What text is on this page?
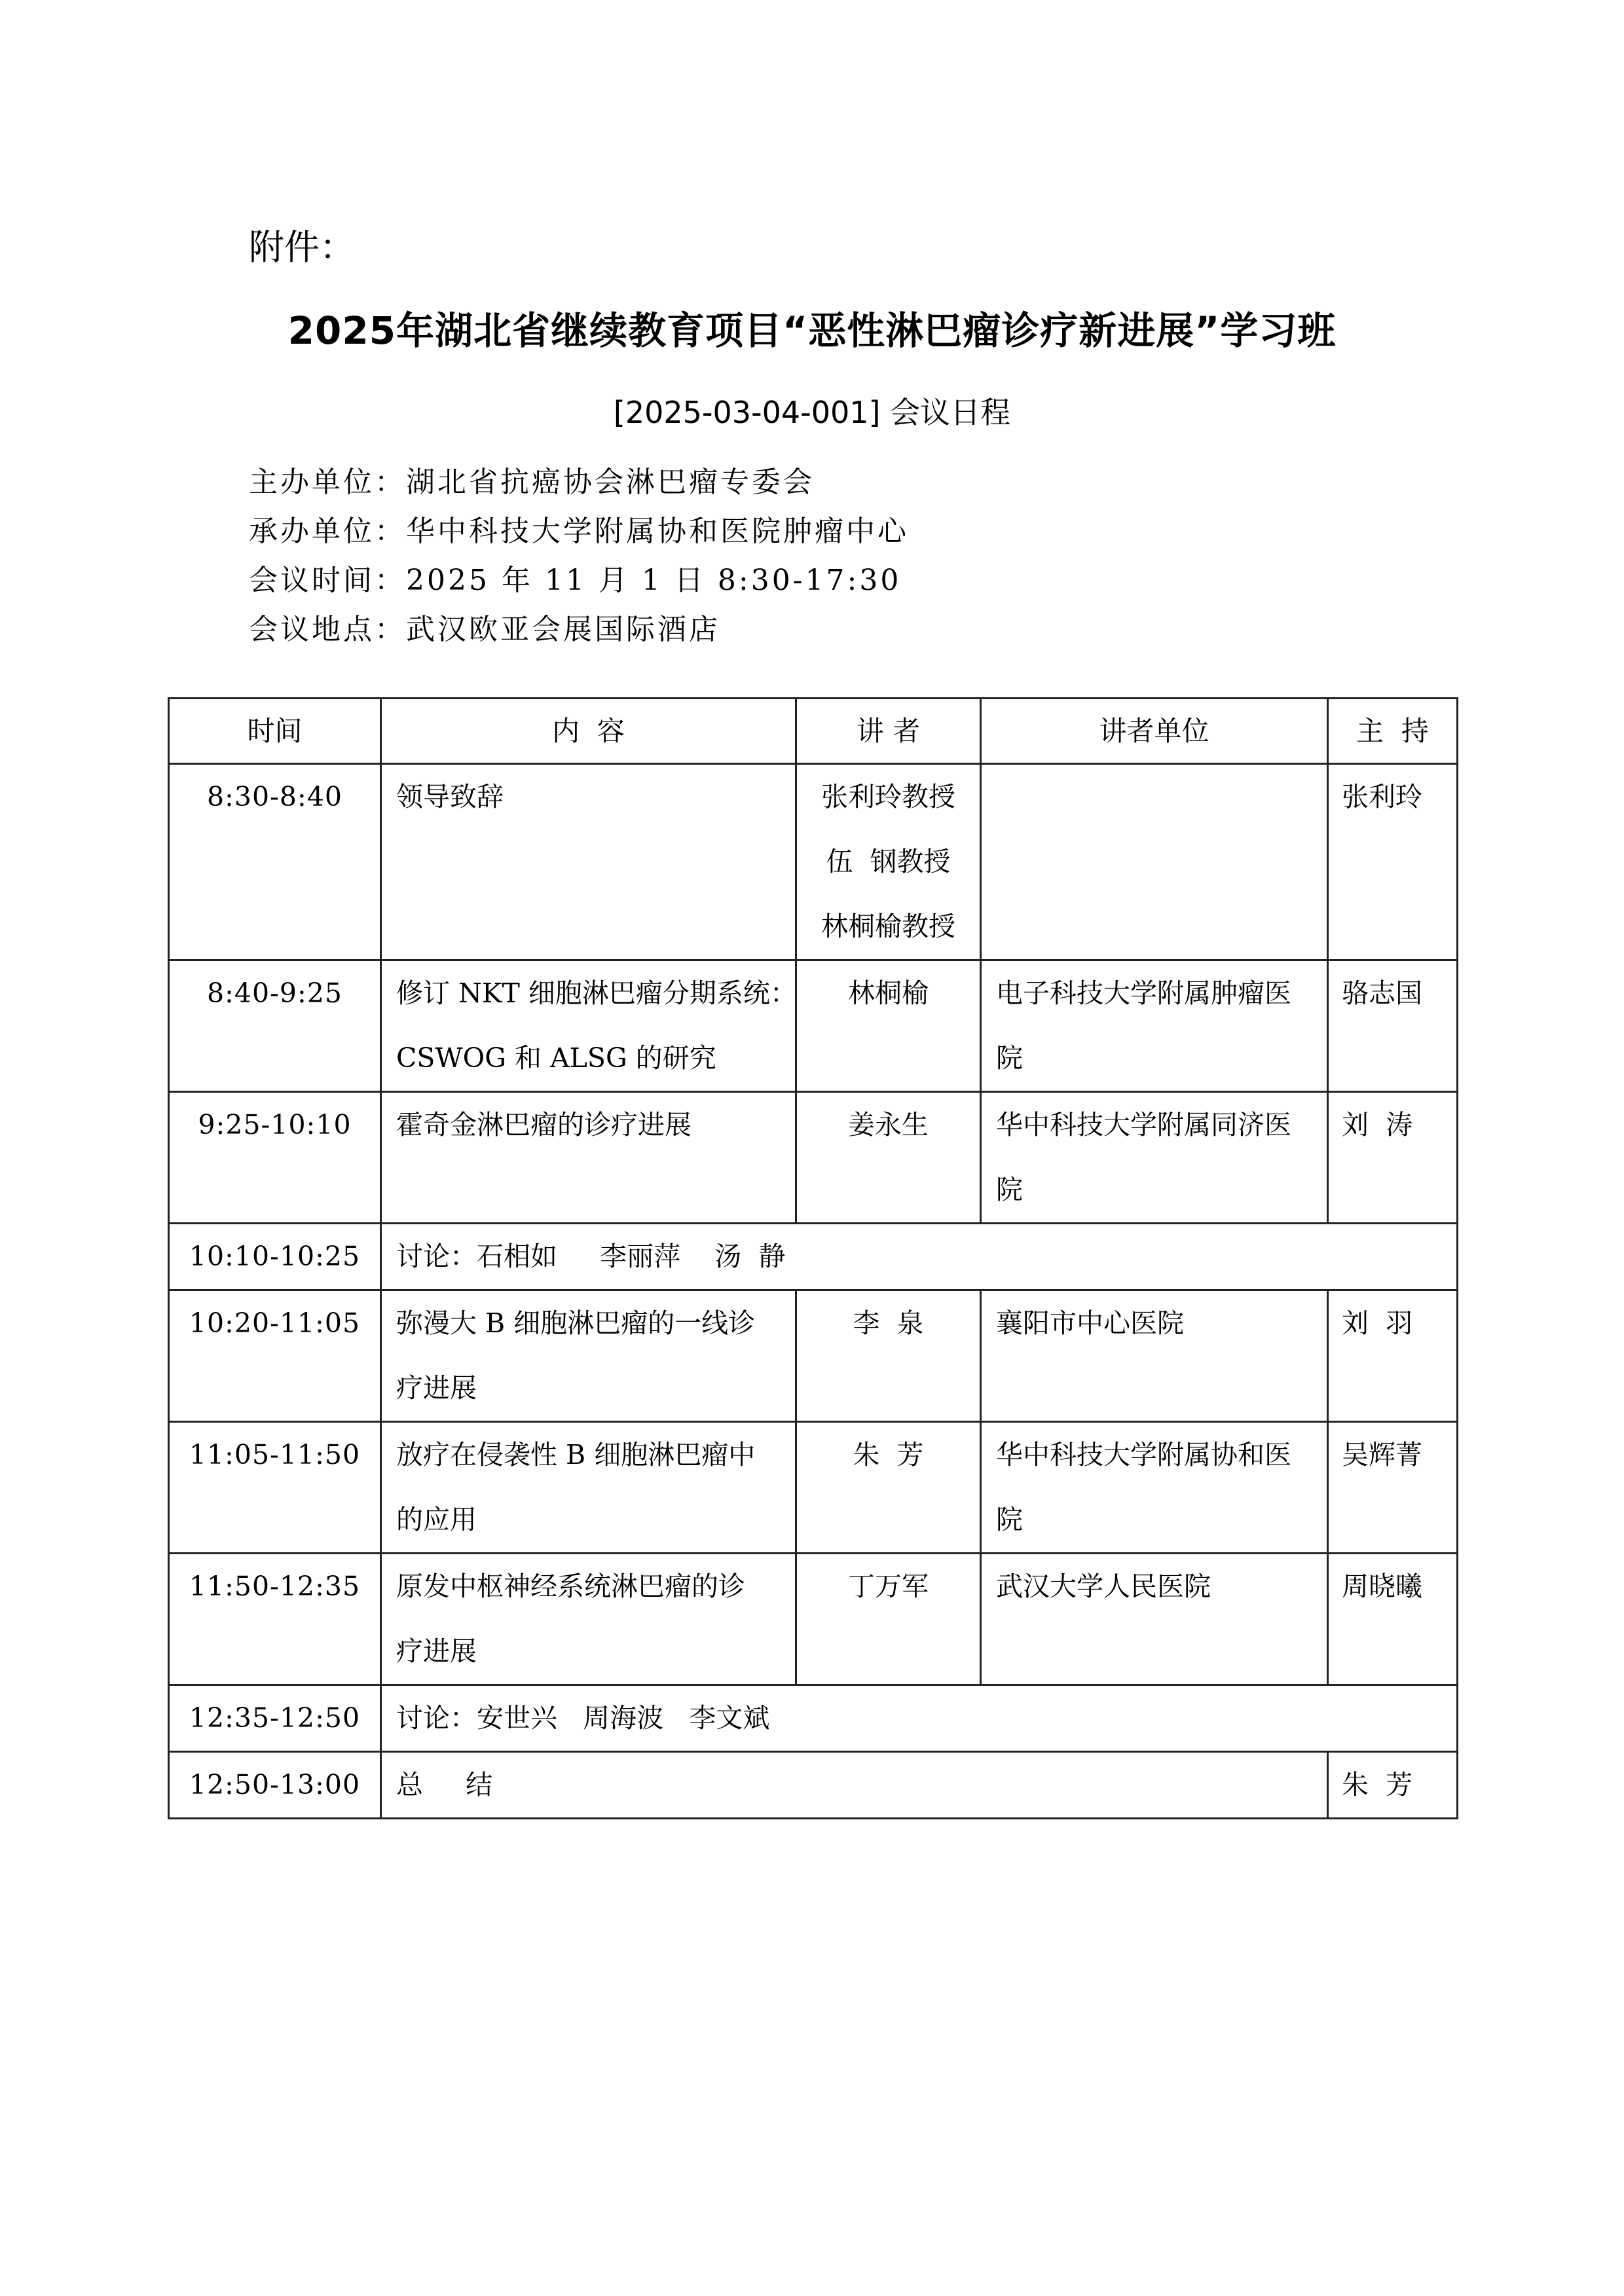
附件：
2025年湖北省继续教育项目“恶性淋巴瘤诊疗新进展”学习班
[2025-03-04-001] 会议日程
主办单位：湖北省抗癌协会淋巴瘤专委会
承办单位：华中科技大学附属协和医院肿瘤中心
会议时间：2025 年 11 月 1 日 8:30-17:30
会议地点：武汉欧亚会展国际酒店
时间	内  容	讲 者	讲者单位	主  持
8:30-8:40	领导致辞	张利玲教授
伍  钢教授
林桐榆教授		张利玲
8:40-9:25	修订 NKT 细胞淋巴瘤分期系统：
CSWOG 和 ALSG 的研究	林桐榆	电子科技大学附属肿瘤医
院	骆志国
9:25-10:10	霍奇金淋巴瘤的诊疗进展	姜永生	华中科技大学附属同济医
院	刘  涛
10:10-10:25	讨论：石相如     李丽萍    汤  静			
10:20-11:05	弥漫大 B 细胞淋巴瘤的一线诊
疗进展	李  泉	襄阳市中心医院	刘  羽
11:05-11:50	放疗在侵袭性 B 细胞淋巴瘤中
的应用	朱  芳	华中科技大学附属协和医
院	吴辉菁
11:50-12:35	原发中枢神经系统淋巴瘤的诊
疗进展	丁万军	武汉大学人民医院	周晓曦
12:35-12:50	讨论：安世兴   周海波   李文斌			
12:50-13:00	总     结			朱  芳
